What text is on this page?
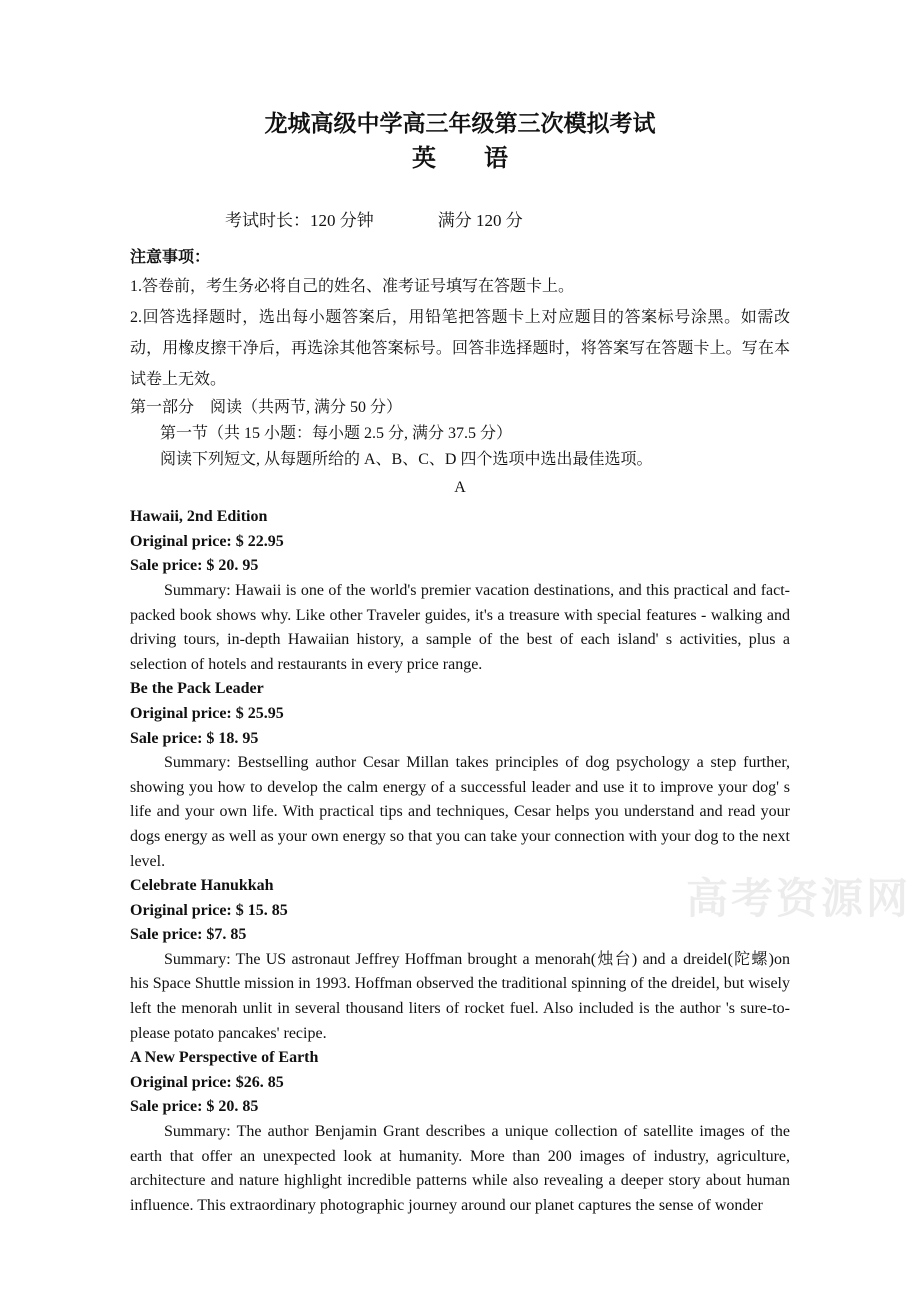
龙城高级中学高三年级第三次模拟考试
英　　语
考试时长：120 分钟	满分 120 分
注意事项：

1.答卷前，考生务必将自己的姓名、准考证号填写在答题卡上。

2.回答选择题时，选出每小题答案后，用铅笔把答题卡上对应题目的答案标号涂黑。如需改动，用橡皮擦干净后，再选涂其他答案标号。回答非选择题时，将答案写在答题卡上。写在本试卷上无效。

第一部分　阅读（共两节, 满分 50 分）

第一节（共 15 小题：每小题 2.5 分, 满分 37.5 分）

阅读下列短文, 从每题所给的 A、B、C、D 四个选项中选出最佳选项。

A
Hawaii, 2nd Edition

Original price: $ 22.95

Sale price: $ 20. 95

Summary: Hawaii is one of the world's premier vacation destinations, and this practical and fact-packed book shows why. Like other Traveler guides, it's a treasure with special features - walking and driving tours, in-depth Hawaiian history, a sample of the best of each island' s activities, plus a selection of hotels and restaurants in every price range.

Be the Pack Leader

Original price: $ 25.95

Sale price: $ 18. 95

Summary: Bestselling author Cesar Millan takes principles of dog psychology a step further, showing you how to develop the calm energy of a successful leader and use it to improve your dog' s life and your own life. With practical tips and techniques, Cesar helps you understand and read your dogs energy as well as your own energy so that you can take your connection with your dog to the next level.

Celebrate Hanukkah

Original price: $ 15. 85

Sale price: $7. 85

Summary: The US astronaut Jeffrey Hoffman brought a menorah(烛台) and a dreidel(陀螺)on his Space Shuttle mission in 1993. Hoffman observed the traditional spinning of the dreidel, but wisely left the menorah unlit in several thousand liters of rocket fuel. Also included is the author 's sure-to-please potato pancakes' recipe.

A New Perspective of Earth

Original price: $26. 85

Sale price: $ 20. 85

Summary: The author Benjamin Grant describes a unique collection of satellite images of the earth that offer an unexpected look at humanity. More than 200 images of industry, agriculture, architecture and nature highlight incredible patterns while also revealing a deeper story about human influence. This extraordinary photographic journey around our planet captures the sense of wonder

高考资源网
